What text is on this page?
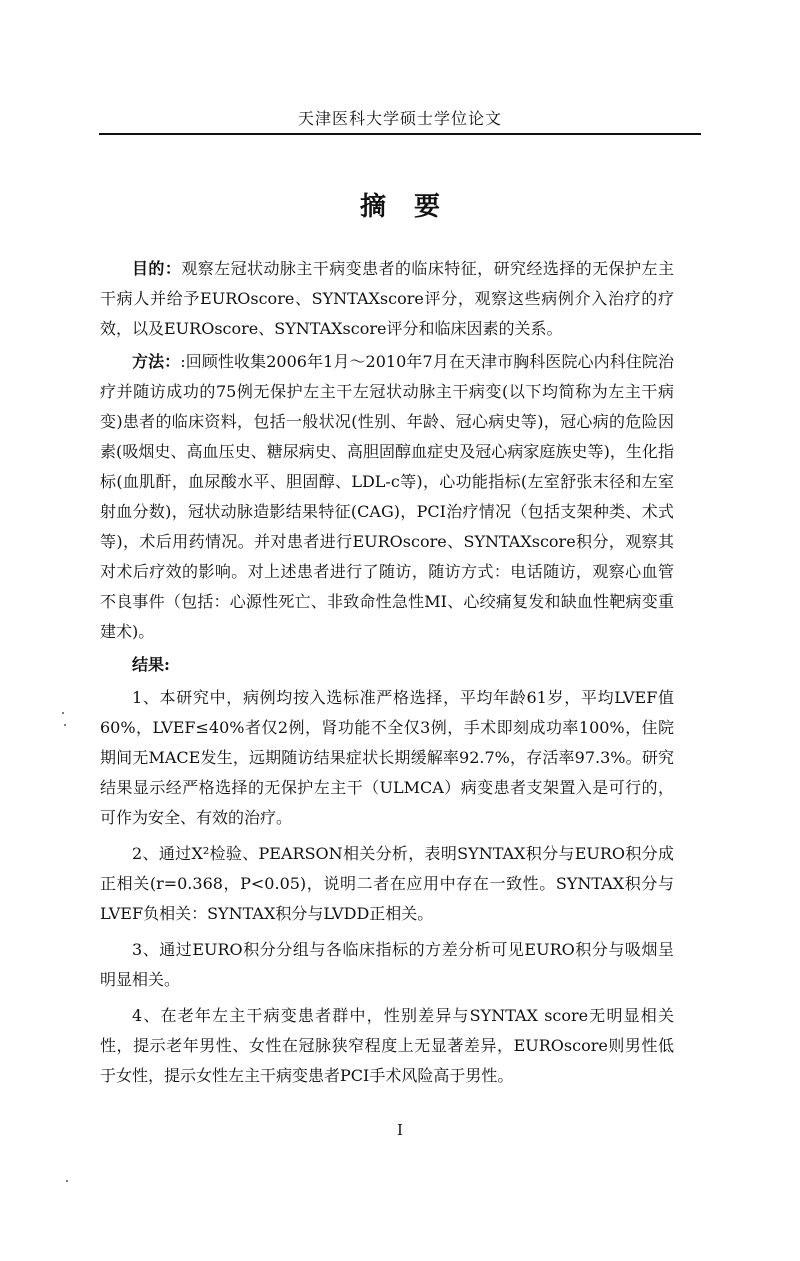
天津医科大学硕士学位论文
摘要

目的：观察左冠状动脉主干病变患者的临床特征，研究经选择的无保护左主干病人并给予EUROscore、SYNTAXscore评分，观察这些病例介入治疗的疗效，以及EUROscore、SYNTAXscore评分和临床因素的关系。

方法：:回顾性收集2006年1月～2010年7月在天津市胸科医院心内科住院治疗并随访成功的75例无保护左主干左冠状动脉主干病变(以下均简称为左主干病变)患者的临床资料，包括一般状况(性别、年龄、冠心病史等)，冠心病的危险因素(吸烟史、高血压史、糖尿病史、高胆固醇血症史及冠心病家庭族史等)，生化指标(血肌酐，血尿酸水平、胆固醇、LDL-c等)，心功能指标(左室舒张末径和左室射血分数)，冠状动脉造影结果特征(CAG)，PCI治疗情况（包括支架种类、术式等)，术后用药情况。并对患者进行EUROscore、SYNTAXscore积分，观察其对术后疗效的影响。对上述患者进行了随访，随访方式：电话随访，观察心血管不良事件（包括：心源性死亡、非致命性急性MI、心绞痛复发和缺血性靶病变重建术)。

结果:

1、本研究中，病例均按入选标准严格选择，平均年龄61岁，平均LVEF值60%，LVEF≤40%者仅2例，肾功能不全仅3例，手术即刻成功率100%，住院期间无MACE发生，远期随访结果症状长期缓解率92.7%，存活率97.3%。研究结果显示经严格选择的无保护左主干（ULMCA）病变患者支架置入是可行的，可作为安全、有效的治疗。

2、通过X²检验、PEARSON相关分析，表明SYNTAX积分与EURO积分成正相关(r=0.368，P<0.05)，说明二者在应用中存在一致性。SYNTAX积分与LVEF负相关：SYNTAX积分与LVDD正相关。

3、通过EURO积分分组与各临床指标的方差分析可见EURO积分与吸烟呈明显相关。

4、在老年左主干病变患者群中，性别差异与SYNTAX score无明显相关性，提示老年男性、女性在冠脉狭窄程度上无显著差异，EUROscore则男性低于女性，提示女性左主干病变患者PCI手术风险高于男性。

I
